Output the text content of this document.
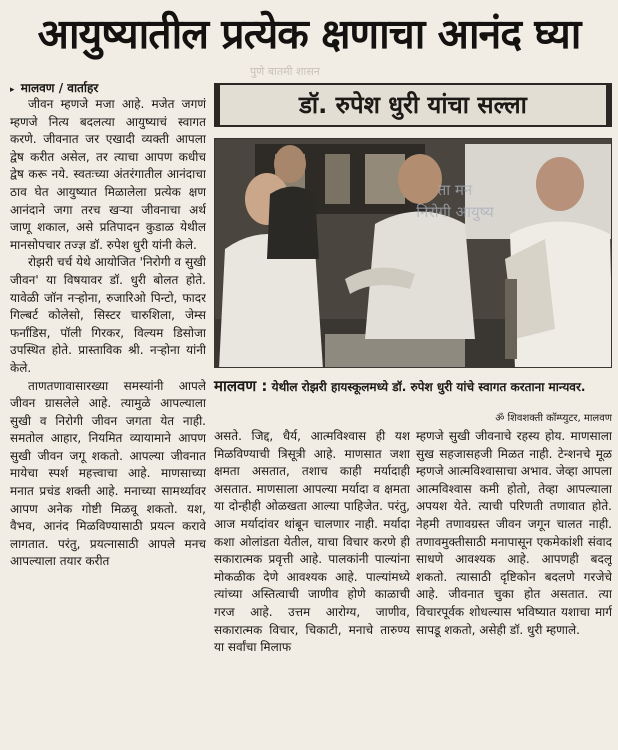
आयुष्यातील प्रत्येक क्षणाचा आनंद घ्या
पुणे बातमी शासन
▸ मालवण / वार्ताहर
डॉ. रुपेश धुरी यांचा सल्ला

जीवन म्हणजे मजा आहे. मजेत जगणं म्हणजे नित्य बदलत्या आयुष्याचं स्वागत करणे. जीवनात जर एखादी व्यक्ती आपला द्वेष करीत असेल, तर त्याचा आपण कधीच द्वेष करू नये. स्वतःच्या अंतरंगातील आनंदाचा ठाव घेत आयुष्यात मिळालेला प्रत्येक क्षण आनंदाने जगा तरच खऱ्या जीवनाचा अर्थ जाणू शकाल, असे प्रतिपादन कुडाळ येथील मानसोपचार तज्ज्ञ डॉ. रुपेश धुरी यांनी केले.

रोझरी चर्च येथे आयोजित 'निरोगी व सुखी जीवन' या विषयावर डॉ. धुरी बोलत होते. यावेळी जॉन नऱ्होना, रुजारिओ पिन्टो, फादर गिल्बर्ट कोलेसो, सिस्टर चारुशिला, जेम्स फर्नांडिस, पॉली गिरकर, विल्यम डिसोजा उपस्थित होते. प्रास्ताविक श्री. नऱ्होना यांनी केले.

ताणतणावासारख्या समस्यांनी आपले जीवन ग्रासलेले आहे. त्यामुळे आपल्याला सुखी व निरोगी जीवन जगता येत नाही. समतोल आहार, नियमित व्यायामाने आपण सुखी जीवन जगू शकतो. आपल्या जीवनात मायेचा स्पर्श महत्त्वाचा आहे. माणसाच्या मनात प्रचंड शक्ती आहे. मनाच्या सामर्थ्यावर आपण अनेक गोष्टी मिळवू शकतो. यश, वैभव, आनंद मिळविण्यासाठी प्रयत्न करावे लागतात. परंतु, प्रयत्नासाठी आपले मनच आपल्याला तयार करीत

ता मन
निरोगी आयुष्य

मालवण : येथील रोझरी हायस्कूलमध्ये डॉ. रुपेश धुरी यांचे स्वागत करताना मान्यवर.

ॐ शिवशक्ती कॉम्प्युटर, मालवण

असते. जिद्द, धैर्य, आत्मविश्वास ही यश मिळविण्याची त्रिसूत्री आहे. माणसात जशा क्षमता असतात, तशाच काही मर्यादाही असतात. माणसाला आपल्या मर्यादा व क्षमता या दोन्हीही ओळखता आल्या पाहिजेत. परंतु, आज मर्यादांवर थांबून चालणार नाही. मर्यादा कशा ओलांडता येतील, याचा विचार करणे ही सकारात्मक प्रवृत्ती आहे. पालकांनी पाल्यांना मोकळीक देणे आवश्यक आहे. पाल्यांमध्ये त्यांच्या अस्तित्वाची जाणीव होणे काळाची गरज आहे. उत्तम आरोग्य, जाणीव, सकारात्मक विचार, चिकाटी, मनाचे तारुण्य या सर्वांचा मिलाफ

म्हणजे सुखी जीवनाचे रहस्य होय. माणसाला सुख सहजासहजी मिळत नाही. टेन्शनचे मूळ म्हणजे आत्मविश्वासाचा अभाव. जेव्हा आपला आत्मविश्वास कमी होतो, तेव्हा आपल्याला अपयश येते. त्याची परिणती तणावात होते. नेहमी तणावग्रस्त जीवन जगून चालत नाही. तणावमुक्तीसाठी मनापासून एकमेकांशी संवाद साधणे आवश्यक आहे. आपणही बदलू शकतो. त्यासाठी दृष्टिकोन बदलणे गरजेचे आहे. जीवनात चुका होत असतात. त्या विचारपूर्वक शोधल्यास भविष्यात यशाचा मार्ग सापडू शकतो, असेही डॉ. धुरी म्हणाले.
